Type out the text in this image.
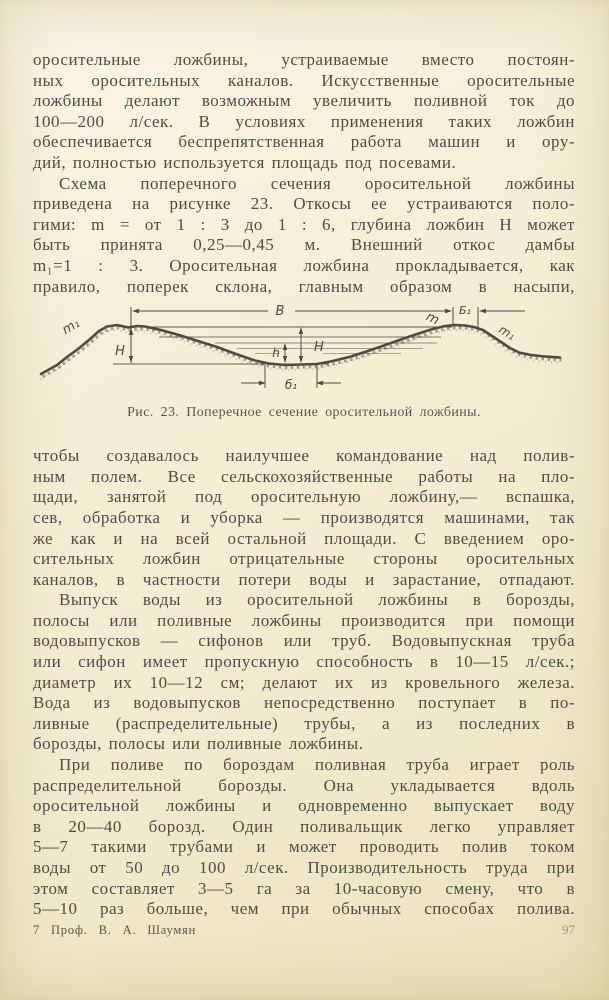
оросительные ложбины, устраиваемые вместо постоян-
ных оросительных каналов. Искусственные оросительные
ложбины делают возможным увеличить поливной ток до
100—200 л/сек. В условиях применения таких ложбин
обеспечивается беспрепятственная работа машин и ору-
дий, полностью используется площадь под посевами.
Схема поперечного сечения оросительной ложбины
приведена на рисунке 23. Откосы ее устраиваются поло-
гими: m = от 1 : 3 до 1 : 6, глубина ложбин H может
быть принята 0,25—0,45 м. Внешний откос дамбы
m₁=1 : 3. Оросительная ложбина прокладывается, как
правило, поперек склона, главным образом в насыпи,
В	Б₁
б₁
H	h	H
m₁	m
m₁
Рис. 23. Поперечное сечение оросительной ложбины.
чтобы создавалось наилучшее командование над полив-
ным полем. Все сельскохозяйственные работы на пло-
щади, занятой под оросительную ложбину,— вспашка,
сев, обработка и уборка — производятся машинами, так
же как и на всей остальной площади. С введением оро-
сительных ложбин отрицательные стороны оросительных
каналов, в частности потери воды и зарастание, отпадают.
Выпуск воды из оросительной ложбины в борозды,
полосы или поливные ложбины производится при помощи
водовыпусков — сифонов или труб. Водовыпускная труба
или сифон имеет пропускную способность в 10—15 л/сек.;
диаметр их 10—12 см; делают их из кровельного железа.
Вода из водовыпусков непосредственно поступает в по-
ливные (распределительные) трубы, а из последних в
борозды, полосы или поливные ложбины.
При поливе по бороздам поливная труба играет роль
распределительной борозды. Она укладывается вдоль
оросительной ложбины и одновременно выпускает воду
в 20—40 борозд. Один поливальщик легко управляет
5—7 такими трубами и может проводить полив током
воды от 50 до 100 л/сек. Производительность труда при
этом составляет 3—5 га за 10-часовую смену, что в
5—10 раз больше, чем при обычных способах полива.
7 Проф. В. А. Шаумян	97
